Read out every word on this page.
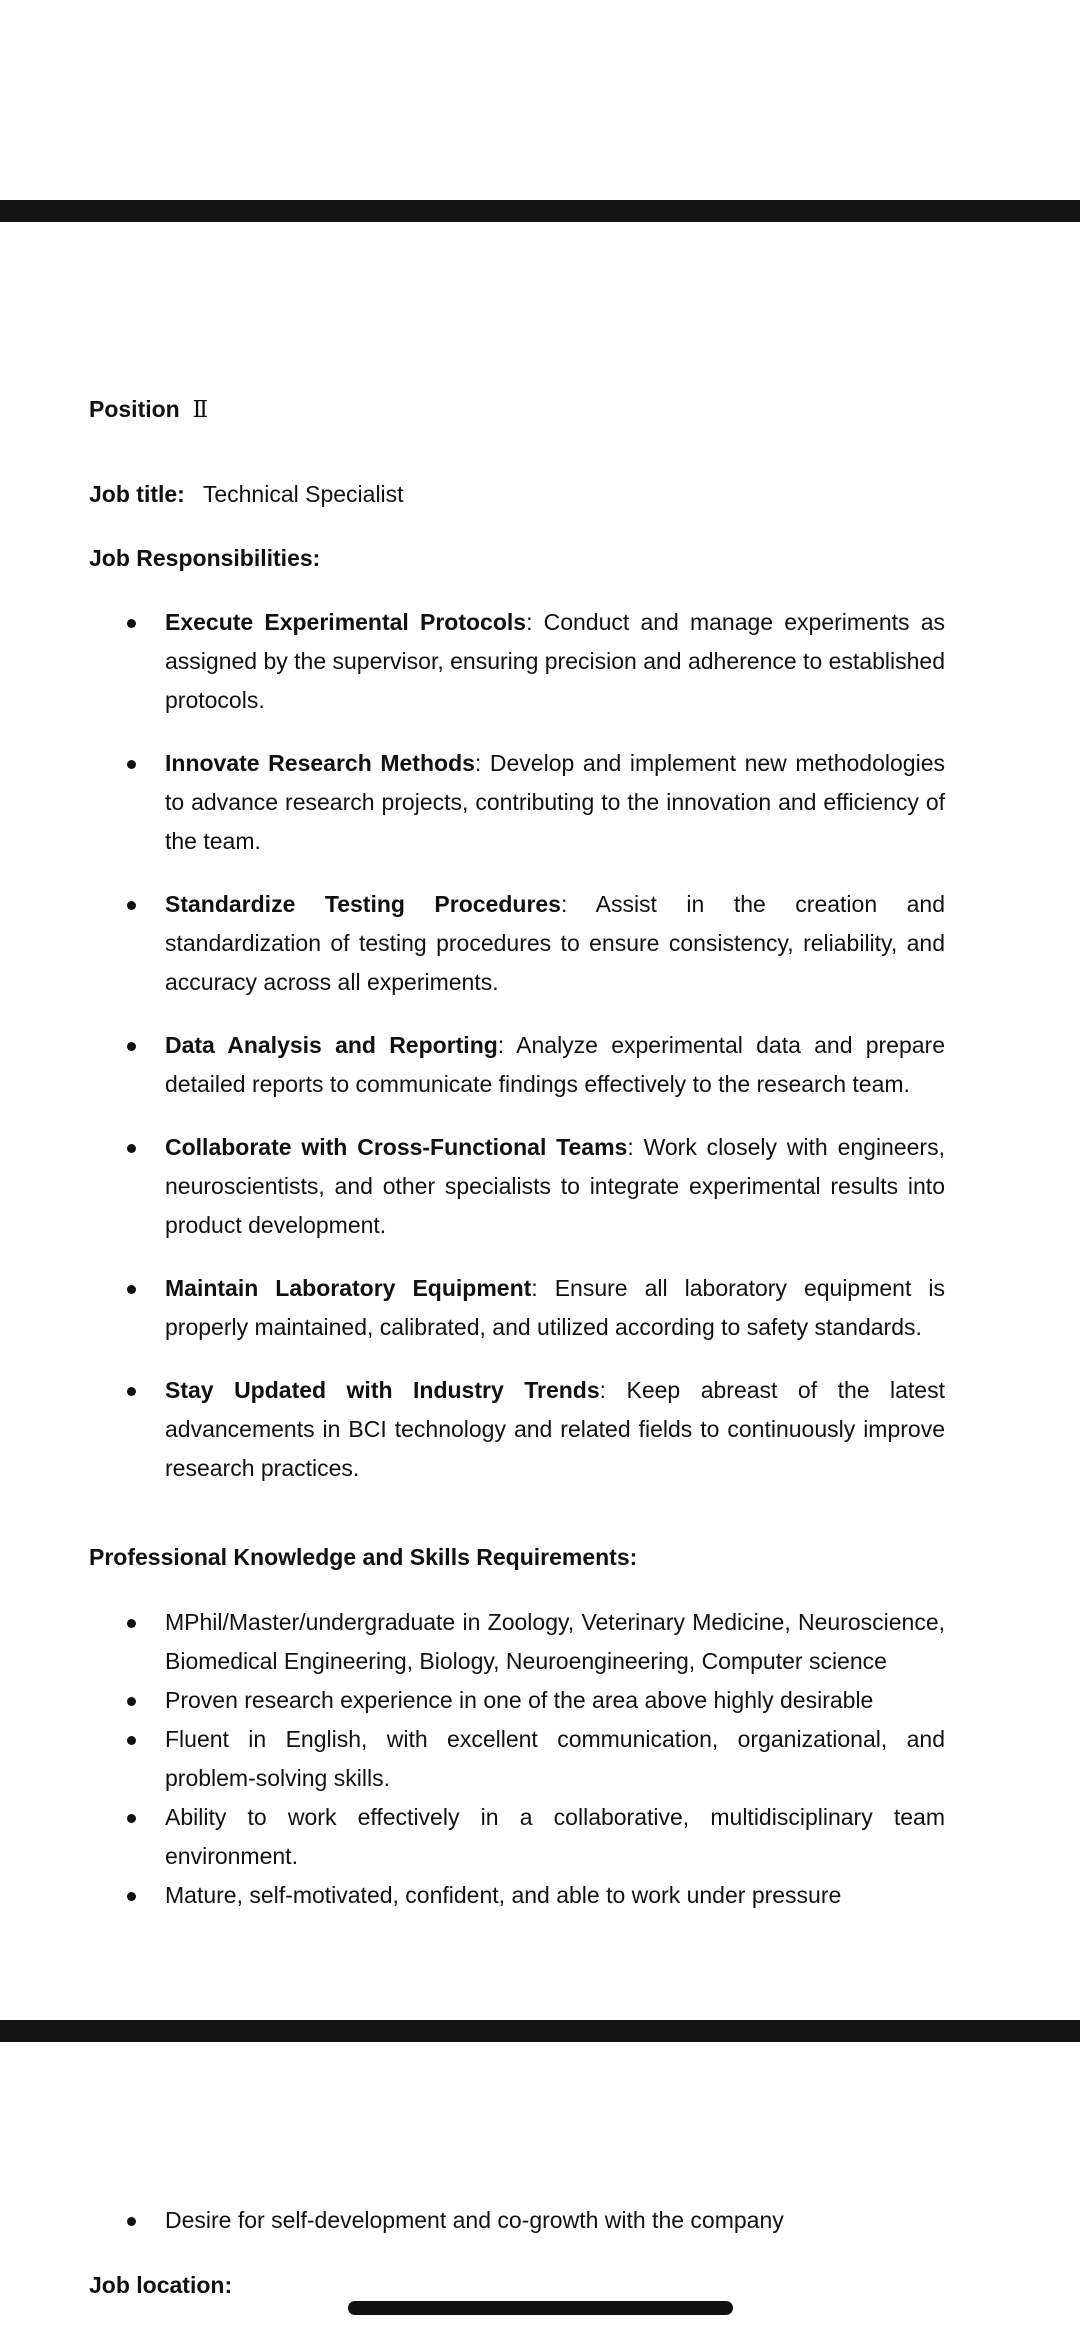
Position Ⅱ
Job title: Technical Specialist
Job Responsibilities:
Execute Experimental Protocols: Conduct and manage experiments as assigned by the supervisor, ensuring precision and adherence to established protocols.
Innovate Research Methods: Develop and implement new methodologies to advance research projects, contributing to the innovation and efficiency of the team.
Standardize Testing Procedures: Assist in the creation and standardization of testing procedures to ensure consistency, reliability, and accuracy across all experiments.
Data Analysis and Reporting: Analyze experimental data and prepare detailed reports to communicate findings effectively to the research team.
Collaborate with Cross-Functional Teams: Work closely with engineers, neuroscientists, and other specialists to integrate experimental results into product development.
Maintain Laboratory Equipment: Ensure all laboratory equipment is properly maintained, calibrated, and utilized according to safety standards.
Stay Updated with Industry Trends: Keep abreast of the latest advancements in BCI technology and related fields to continuously improve research practices.
Professional Knowledge and Skills Requirements:
MPhil/Master/undergraduate in Zoology, Veterinary Medicine, Neuroscience, Biomedical Engineering, Biology, Neuroengineering, Computer science
Proven research experience in one of the area above highly desirable
Fluent in English, with excellent communication, organizational, and problem-solving skills.
Ability to work effectively in a collaborative, multidisciplinary team environment.
Mature, self-motivated, confident, and able to work under pressure
Desire for self-development and co-growth with the company
Job location:
